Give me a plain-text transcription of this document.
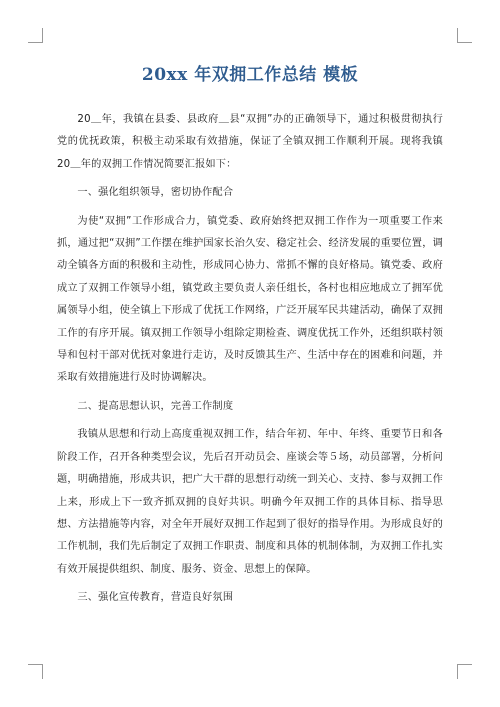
20xx 年双拥工作总结 模板

20＿年，我镇在县委、县政府＿县“双拥”办的正确领导下，通过积极贯彻执行党的优抚政策，积极主动采取有效措施，保证了全镇双拥工作顺利开展。现将我镇20＿年的双拥工作情况简要汇报如下：

一、强化组织领导，密切协作配合

为使“双拥”工作形成合力，镇党委、政府始终把双拥工作作为一项重要工作来抓，通过把“双拥”工作摆在维护国家长治久安、稳定社会、经济发展的重要位置，调动全镇各方面的积极和主动性，形成同心协力、常抓不懈的良好格局。镇党委、政府成立了双拥工作领导小组，镇党政主要负责人亲任组长，各村也相应地成立了拥军优属领导小组，使全镇上下形成了优抚工作网络，广泛开展军民共建活动，确保了双拥工作的有序开展。镇双拥工作领导小组除定期检查、调度优抚工作外，还组织联村领导和包村干部对优抚对象进行走访，及时反馈其生产、生活中存在的困难和问题，并采取有效措施进行及时协调解决。

二、提高思想认识，完善工作制度

我镇从思想和行动上高度重视双拥工作，结合年初、年中、年终、重要节日和各阶段工作，召开各种类型会议，先后召开动员会、座谈会等５场，动员部署，分析问题，明确措施，形成共识，把广大干群的思想行动统一到关心、支持、参与双拥工作上来，形成上下一致齐抓双拥的良好共识。明确今年双拥工作的具体目标、指导思想、方法措施等内容，对全年开展好双拥工作起到了很好的指导作用。为形成良好的工作机制，我们先后制定了双拥工作职责、制度和具体的机制体制，为双拥工作扎实有效开展提供组织、制度、服务、资金、思想上的保障。

三、强化宣传教育，营造良好氛围
